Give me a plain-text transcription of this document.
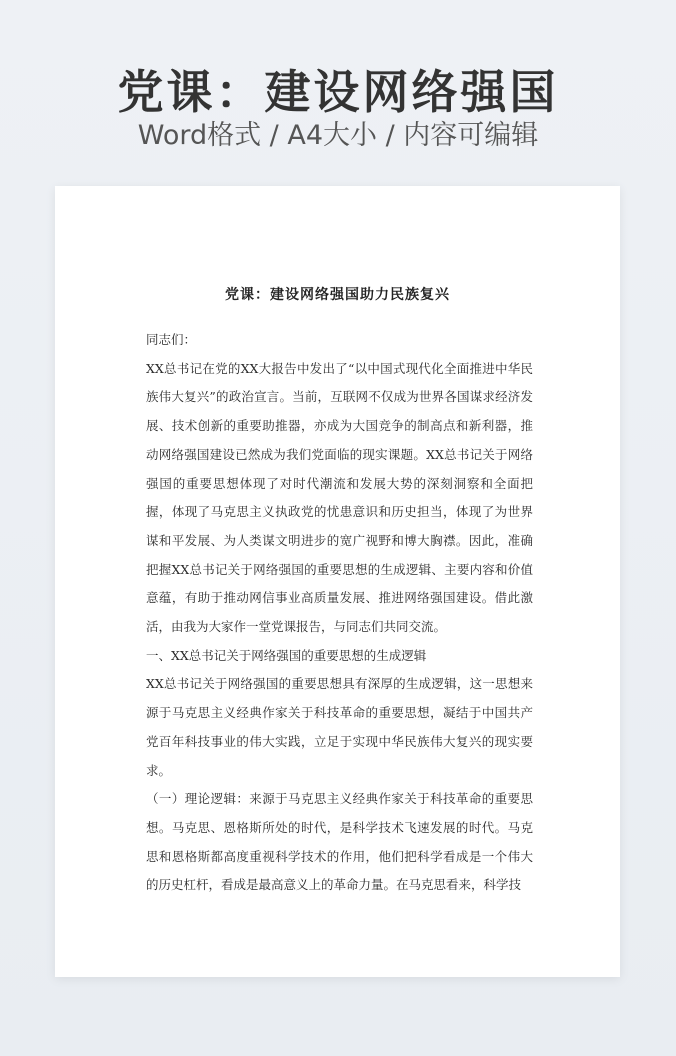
党课：建设网络强国
Word格式 / A4大小 / 内容可编辑
党课：建设网络强国助力民族复兴

同志们：

XX总书记在党的XX大报告中发出了“以中国式现代化全面推进中华民族伟大复兴”的政治宣言。当前，互联网不仅成为世界各国谋求经济发展、技术创新的重要助推器，亦成为大国竞争的制高点和新利器，推动网络强国建设已然成为我们党面临的现实课题。XX总书记关于网络强国的重要思想体现了对时代潮流和发展大势的深刻洞察和全面把握，体现了马克思主义执政党的忧患意识和历史担当，体现了为世界谋和平发展、为人类谋文明进步的宽广视野和博大胸襟。因此，准确把握XX总书记关于网络强国的重要思想的生成逻辑、主要内容和价值意蕴，有助于推动网信事业高质量发展、推进网络强国建设。借此激活，由我为大家作一堂党课报告，与同志们共同交流。

一、XX总书记关于网络强国的重要思想的生成逻辑

XX总书记关于网络强国的重要思想具有深厚的生成逻辑，这一思想来源于马克思主义经典作家关于科技革命的重要思想，凝结于中国共产党百年科技事业的伟大实践，立足于实现中华民族伟大复兴的现实要求。

（一）理论逻辑：来源于马克思主义经典作家关于科技革命的重要思想。马克思、恩格斯所处的时代，是科学技术飞速发展的时代。马克思和恩格斯都高度重视科学技术的作用，他们把科学看成是一个伟大的历史杠杆，看成是最高意义上的革命力量。在马克思看来，科学技
